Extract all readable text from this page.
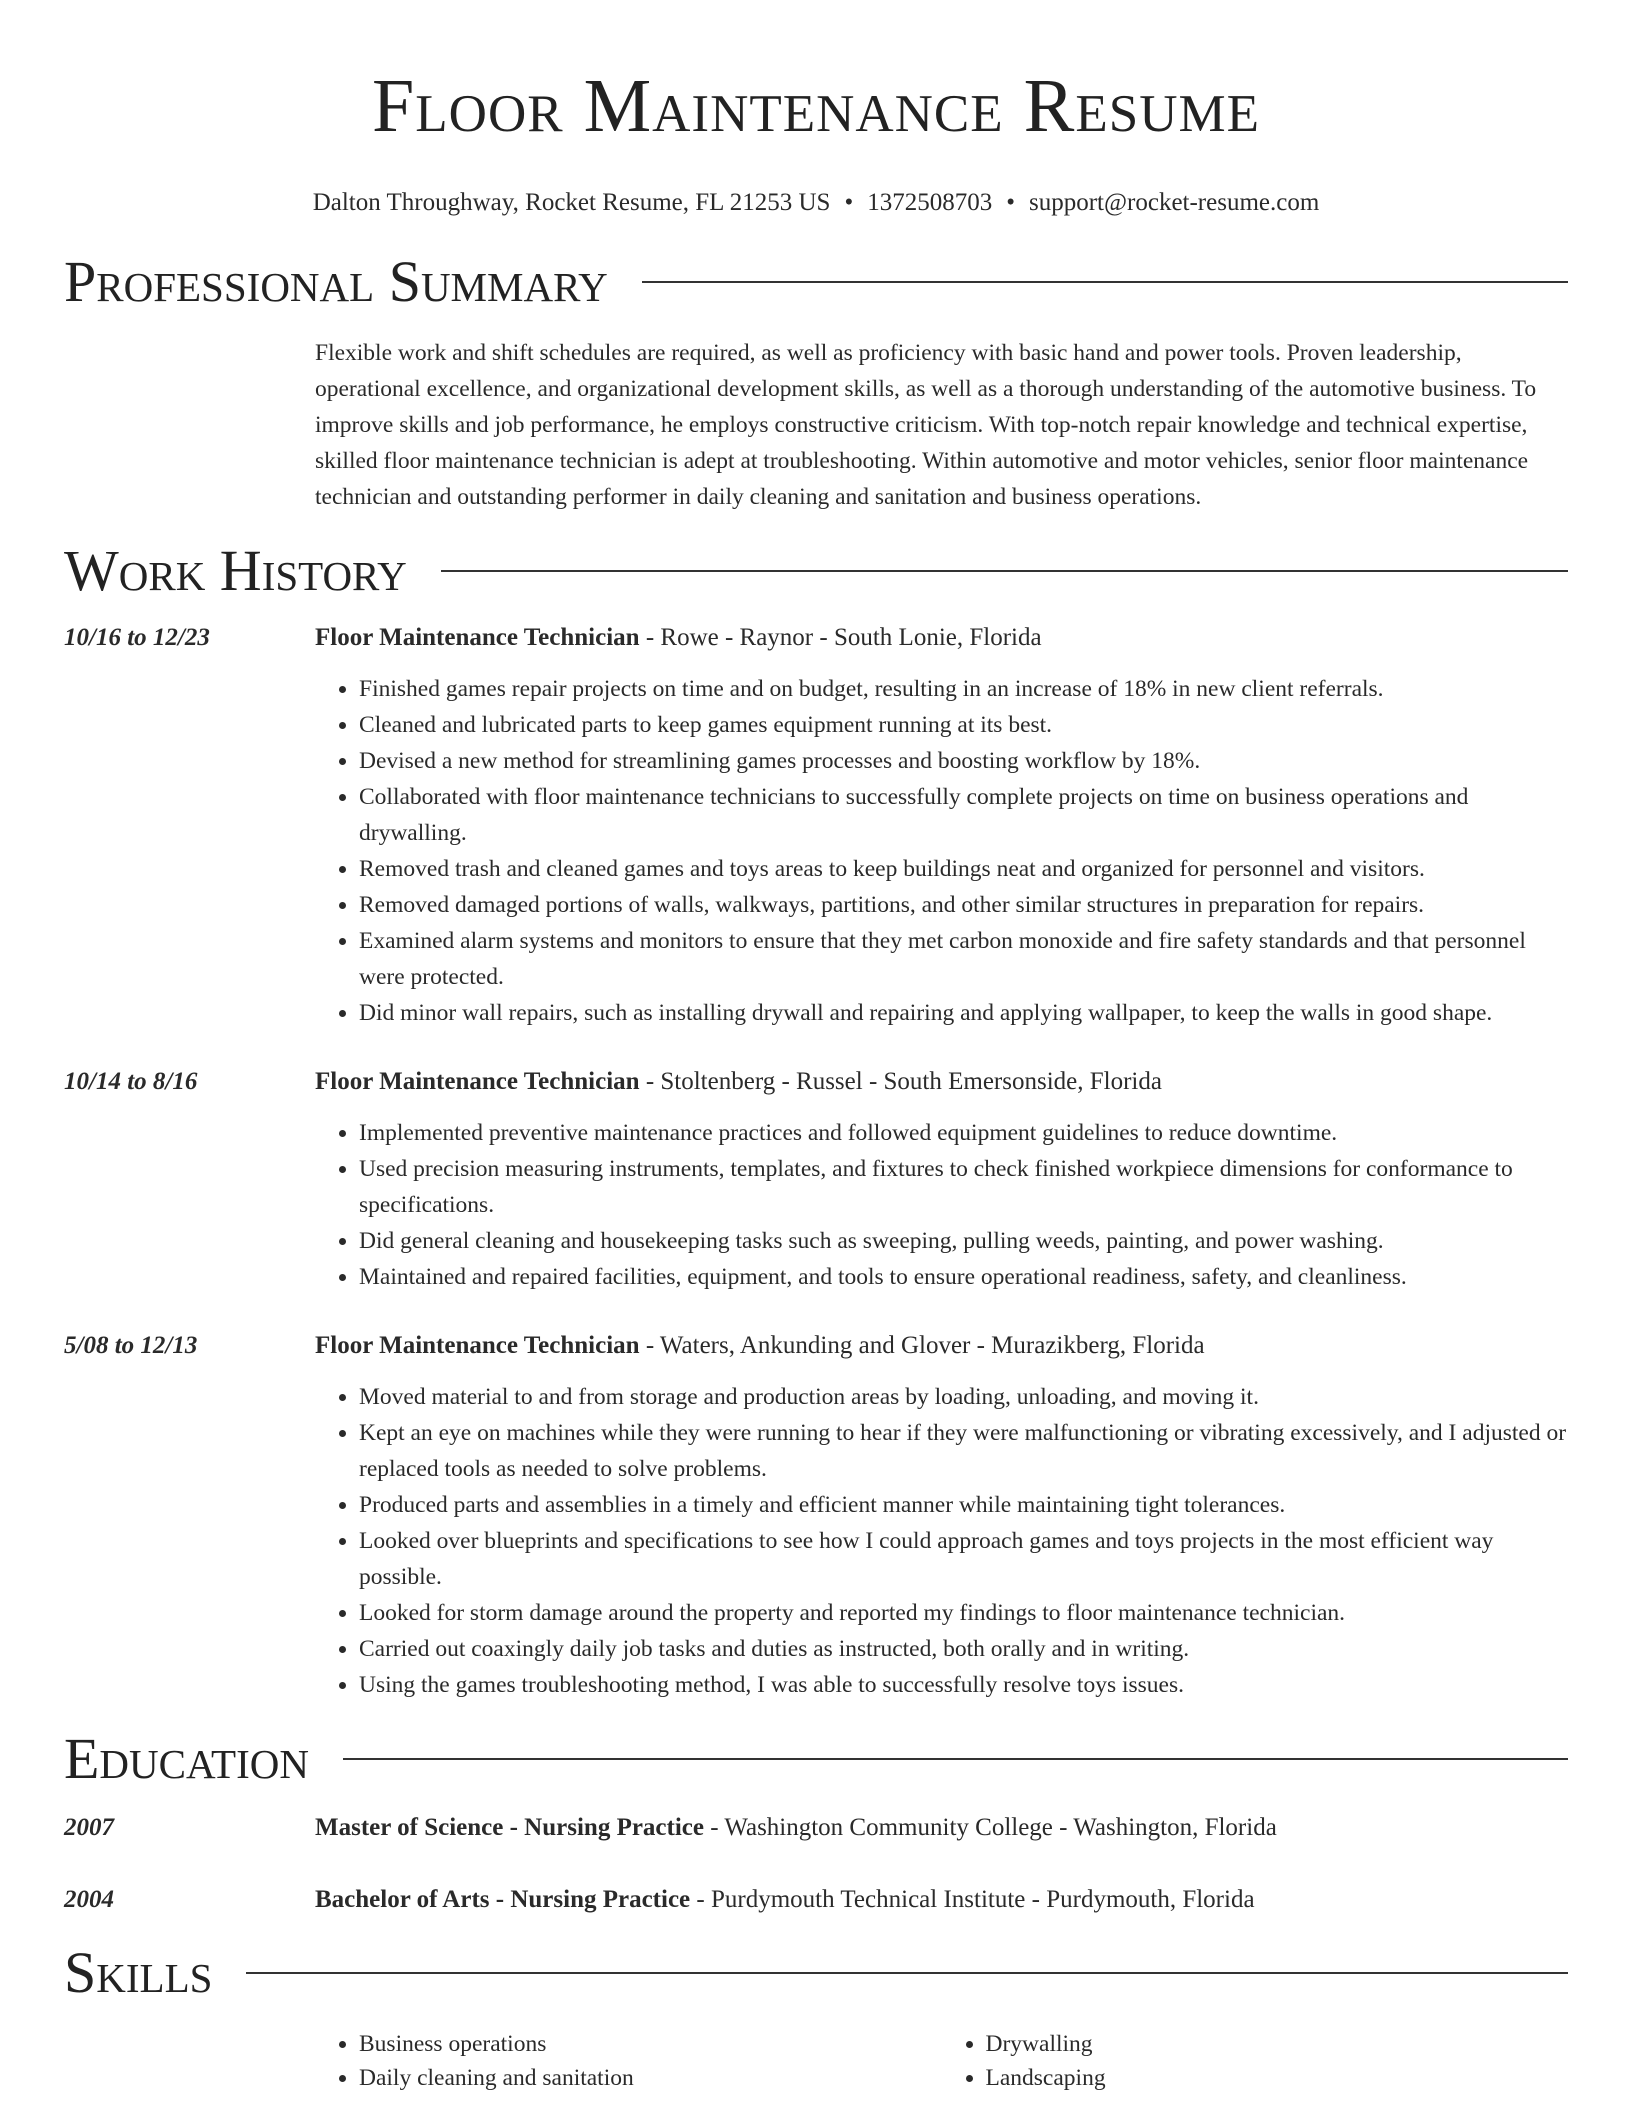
Floor Maintenance Resume
Dalton Throughway, Rocket Resume, FL 21253 US • 1372508703 • support@rocket-resume.com
Professional Summary
Flexible work and shift schedules are required, as well as proficiency with basic hand and power tools. Proven leadership, operational excellence, and organizational development skills, as well as a thorough understanding of the automotive business. To improve skills and job performance, he employs constructive criticism. With top-notch repair knowledge and technical expertise, skilled floor maintenance technician is adept at troubleshooting. Within automotive and motor vehicles, senior floor maintenance technician and outstanding performer in daily cleaning and sanitation and business operations.
Work History
10/16 to 12/23	Floor Maintenance Technician - Rowe - Raynor - South Lonie, Florida
• Finished games repair projects on time and on budget, resulting in an increase of 18% in new client referrals.
• Cleaned and lubricated parts to keep games equipment running at its best.
• Devised a new method for streamlining games processes and boosting workflow by 18%.
• Collaborated with floor maintenance technicians to successfully complete projects on time on business operations and drywalling.
• Removed trash and cleaned games and toys areas to keep buildings neat and organized for personnel and visitors.
• Removed damaged portions of walls, walkways, partitions, and other similar structures in preparation for repairs.
• Examined alarm systems and monitors to ensure that they met carbon monoxide and fire safety standards and that personnel were protected.
• Did minor wall repairs, such as installing drywall and repairing and applying wallpaper, to keep the walls in good shape.
10/14 to 8/16	Floor Maintenance Technician - Stoltenberg - Russel - South Emersonside, Florida
• Implemented preventive maintenance practices and followed equipment guidelines to reduce downtime.
• Used precision measuring instruments, templates, and fixtures to check finished workpiece dimensions for conformance to specifications.
• Did general cleaning and housekeeping tasks such as sweeping, pulling weeds, painting, and power washing.
• Maintained and repaired facilities, equipment, and tools to ensure operational readiness, safety, and cleanliness.
5/08 to 12/13	Floor Maintenance Technician - Waters, Ankunding and Glover - Murazikberg, Florida
• Moved material to and from storage and production areas by loading, unloading, and moving it.
• Kept an eye on machines while they were running to hear if they were malfunctioning or vibrating excessively, and I adjusted or replaced tools as needed to solve problems.
• Produced parts and assemblies in a timely and efficient manner while maintaining tight tolerances.
• Looked over blueprints and specifications to see how I could approach games and toys projects in the most efficient way possible.
• Looked for storm damage around the property and reported my findings to floor maintenance technician.
• Carried out coaxingly daily job tasks and duties as instructed, both orally and in writing.
• Using the games troubleshooting method, I was able to successfully resolve toys issues.
Education
2007	Master of Science - Nursing Practice - Washington Community College - Washington, Florida
2004	Bachelor of Arts - Nursing Practice - Purdymouth Technical Institute - Purdymouth, Florida
Skills
• Business operations
• Daily cleaning and sanitation
• Drywalling
• Landscaping
